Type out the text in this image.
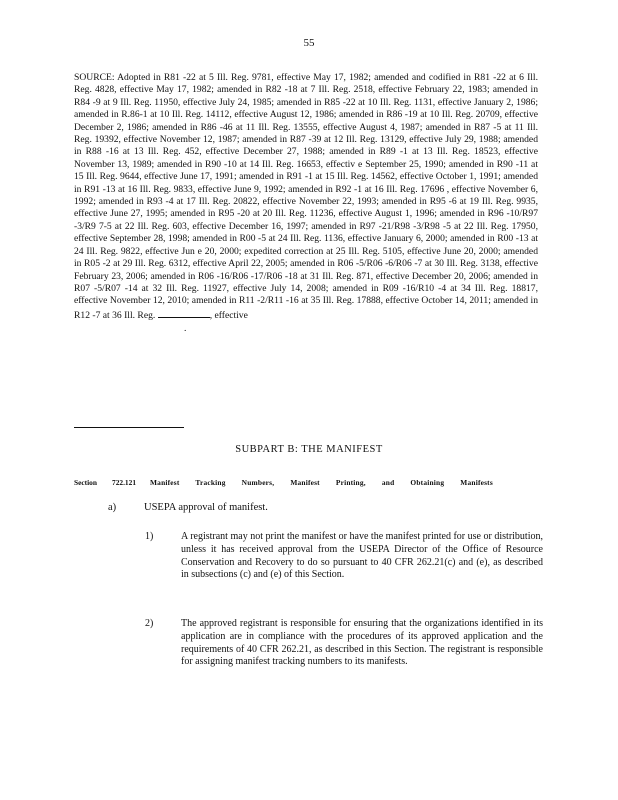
55
SOURCE: Adopted in R81 -22 at 5 Ill. Reg. 9781, effective May 17, 1982; amended and codified in R81 -22 at 6 Ill. Reg. 4828, effective May 17, 1982; amended in R82 -18 at 7 Ill. Reg. 2518, effective February 22, 1983; amended in R84 -9 at 9 Ill. Reg. 11950, effective July 24, 1985; amended in R85 -22 at 10 Ill. Reg. 1131, effective January 2, 1986; amended in R.86-1 at 10 Ill. Reg. 14112, effective August 12, 1986; amended in R86 -19 at 10 Ill. Reg. 20709, effective December 2, 1986; amended in R86 -46 at 11 Ill. Reg. 13555, effective August 4, 1987; amended in R87 -5 at 11 Ill. Reg. 19392, effective November 12, 1987; amended in R87 -39 at 12 Ill. Reg. 13129, effective July 29, 1988; amended in R88 -16 at 13 Ill. Reg. 452, effective December 27, 1988; amended in R89 -1 at 13 Ill. Reg. 18523, effective November 13, 1989; amended in R90 -10 at 14 Ill. Reg. 16653, effectiv e September 25, 1990; amended in R90 -11 at 15 Ill. Reg. 9644, effective June 17, 1991; amended in R91 -1 at 15 Ill. Reg. 14562, effective October 1, 1991; amended in R91 -13 at 16 Ill. Reg. 9833, effective June 9, 1992; amended in R92 -1 at 16 Ill. Reg. 17696 , effective November 6, 1992; amended in R93 -4 at 17 Ill. Reg. 20822, effective November 22, 1993; amended in R95 -6 at 19 Ill. Reg. 9935, effective June 27, 1995; amended in R95 -20 at 20 Ill. Reg. 11236, effective August 1, 1996; amended in R96 -10/R97 -3/R9 7-5 at 22 Ill. Reg. 603, effective December 16, 1997; amended in R97 -21/R98 -3/R98 -5 at 22 Ill. Reg. 17950, effective September 28, 1998; amended in R00 -5 at 24 Ill. Reg. 1136, effective January 6, 2000; amended in R00 -13 at 24 Ill. Reg. 9822, effective Jun e 20, 2000; expedited correction at 25 Ill. Reg. 5105, effective June 20, 2000; amended in R05 -2 at 29 Ill. Reg. 6312, effective April 22, 2005; amended in R06 -5/R06 -6/R06 -7 at 30 Ill. Reg. 3138, effective February 23, 2006; amended in R06 -16/R06 -17/R06 -18 at 31 Ill. Reg. 871, effective December 20, 2006; amended in R07 -5/R07 -14 at 32 Ill. Reg. 11927, effective July 14, 2008; amended in R09 -16/R10 -4 at 34 Ill. Reg. 18817, effective November 12, 2010; amended in R11 -2/R11 -16 at 35 Ill. Reg. 17888, effective October 14, 2011; amended in R12 -7 at 36 Ill. Reg.	, effective
.
SUBPART B: THE MANIFEST
Section	722.121	Manifest Tracking Numbers, Manifest Printing, and Obtaining Manifests
a)	USEPA approval of manifest.
1)	A registrant may not print the manifest or have the manifest printed for use or distribution, unless it has received approval from the USEPA Director of the Office of Resource Conservation and Recovery to do so pursuant to 40 CFR 262.21(c) and (e), as described in subsections (c) and (e) of this Section.
2)	The approved registrant is responsible for ensuring that the organizations identified in its application are in compliance with the procedures of its approved application and the requirements of 40 CFR 262.21, as described in this Section. The registrant is responsible for assigning manifest tracking numbers to its manifests.
